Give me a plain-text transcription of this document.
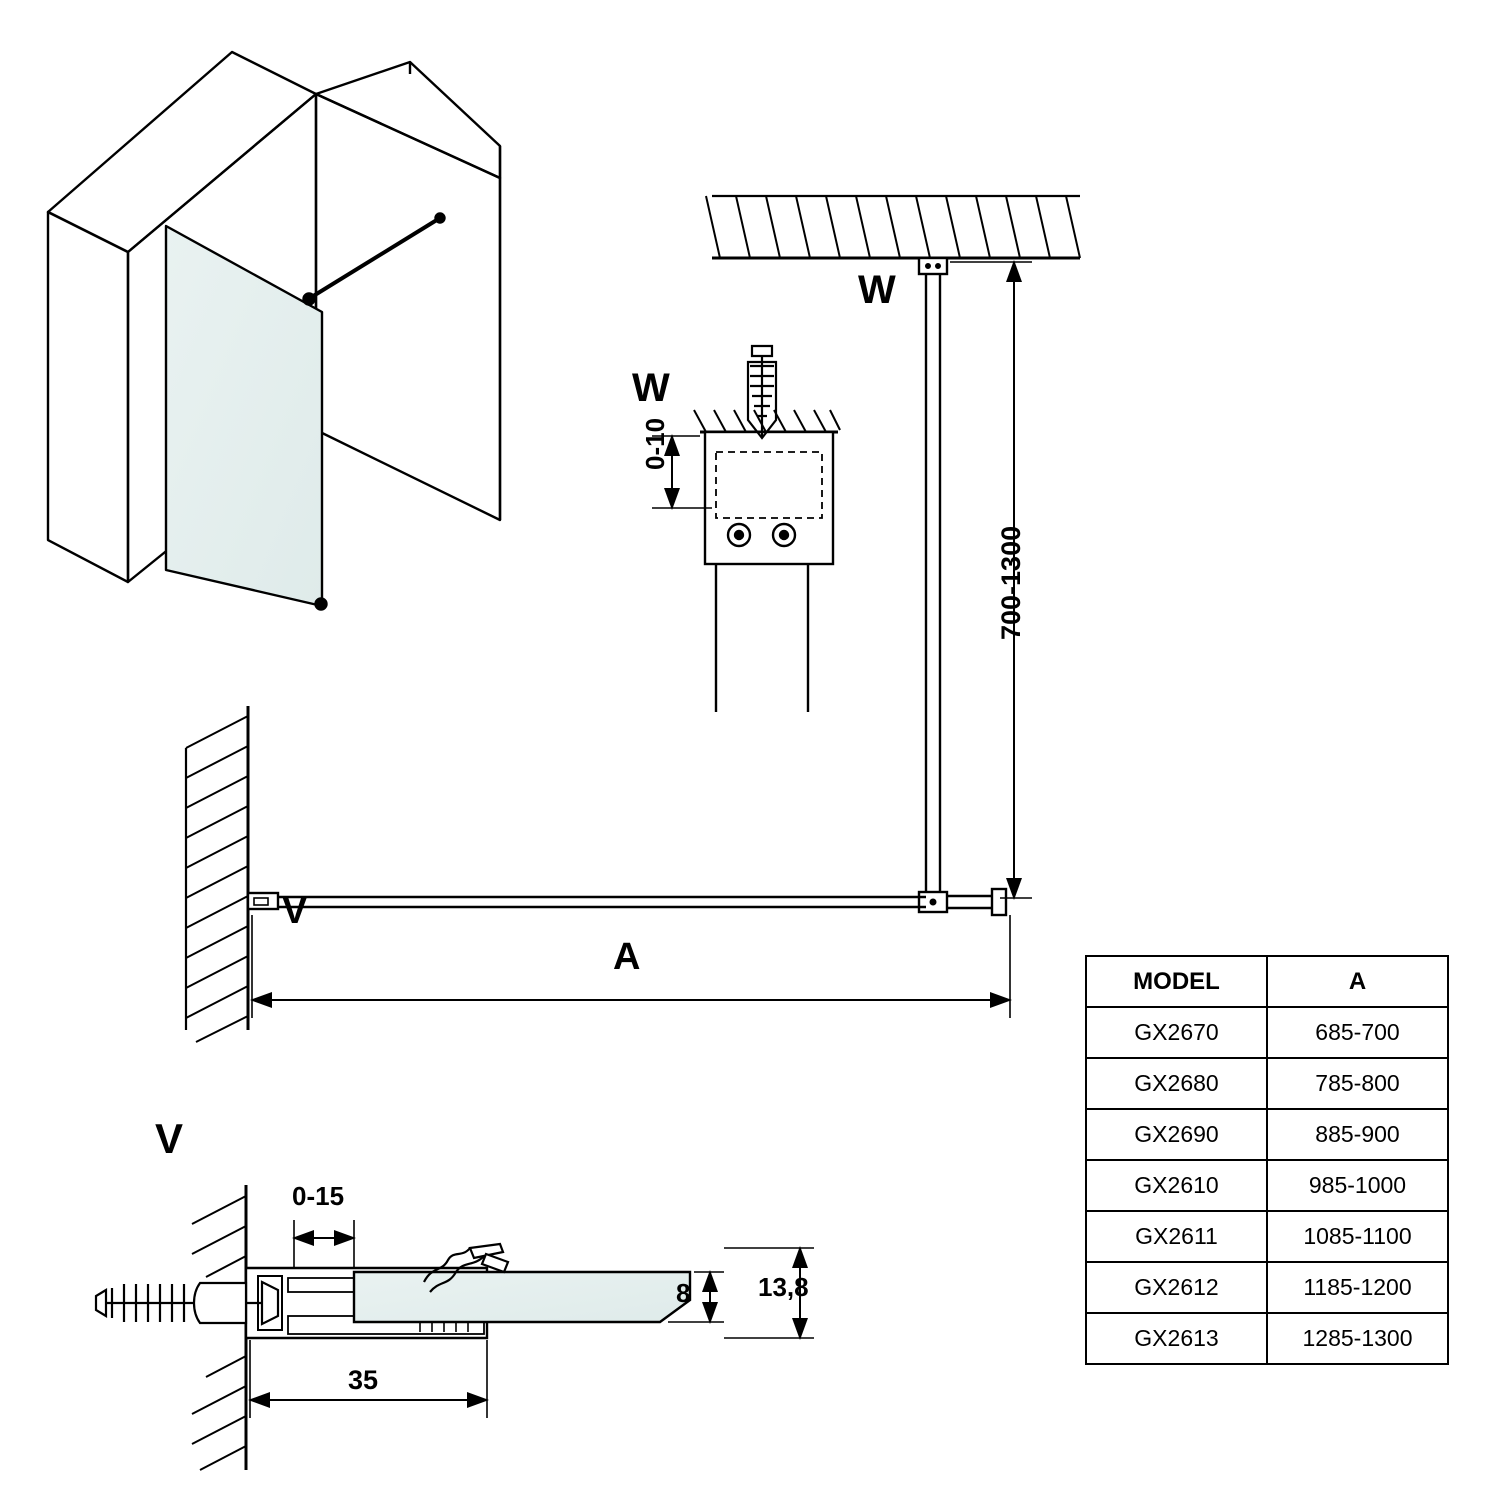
W
W
V
V
A
0-10
700-1300
0-15
8	13,8
35
MODEL	A
GX2670	685-700
GX2680	785-800
GX2690	885-900
GX2610	985-1000
GX2611	1085-1100
GX2612	1185-1200
GX2613	1285-1300
